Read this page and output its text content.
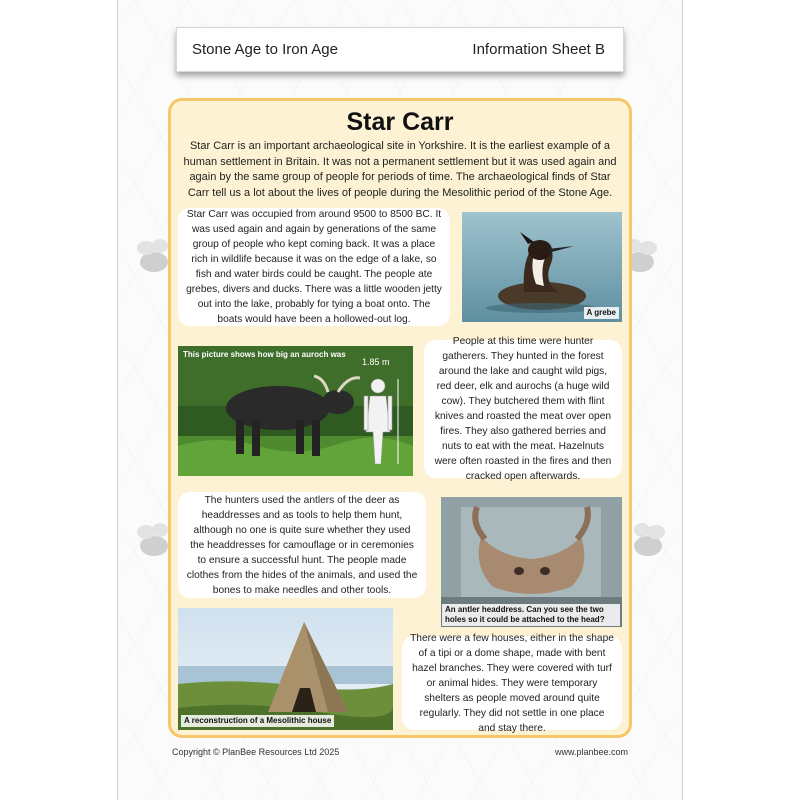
Stone Age to Iron Age	Information Sheet B
Star Carr

Star Carr is an important archaeological site in Yorkshire. It is the earliest example of a human settlement in Britain. It was not a permanent settlement but it was used again and again by the same group of people for periods of time. The archaeological finds of Star Carr tell us a lot about the lives of people during the Mesolithic period of the Stone Age.

Star Carr was occupied from around 9500 to 8500 BC. It was used again and again by generations of the same group of people who kept coming back. It was a place rich in wildlife because it was on the edge of a lake, so fish and water birds could be caught. The people ate grebes, divers and ducks. There was a little wooden jetty out into the lake, probably for tying a boat onto. The boats would have been a hollowed-out log.

A grebe
This picture shows how big an auroch was
1.85 m

People at this time were hunter gatherers. They hunted in the forest around the lake and caught wild pigs, red deer, elk and aurochs (a huge wild cow). They butchered them with flint knives and roasted the meat over open fires. They also gathered berries and nuts to eat with the meat. Hazelnuts were often roasted in the fires and then cracked open afterwards.

The hunters used the antlers of the deer as headdresses and as tools to help them hunt, although no one is quite sure whether they used the headdresses for camouflage or in ceremonies to ensure a successful hunt. The people made clothes from the hides of the animals, and used the bones to make needles and other tools.

An antler headdress. Can you see the two holes so it could be attached to the head?
A reconstruction of a Mesolithic house

There were a few houses, either in the shape of a tipi or a dome shape, made with bent hazel branches. They were covered with turf or animal hides. They were temporary shelters as people moved around quite regularly. They did not settle in one place and stay there.

Copyright © PlanBee Resources Ltd 2025	www.planbee.com
